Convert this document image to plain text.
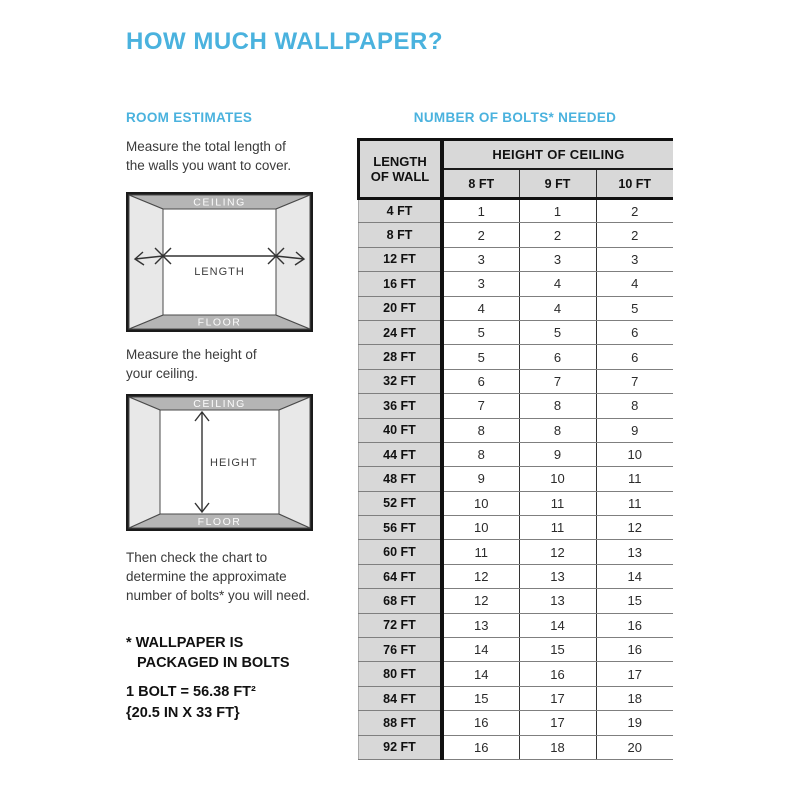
HOW MUCH WALLPAPER?
ROOM ESTIMATES

Measure the total length of
the walls you want to cover.

CEILING
FLOOR
LENGTH

Measure the height of
your ceiling.

CEILING
FLOOR
HEIGHT

Then check the chart to
determine the approximate
number of bolts* you will need.

* WALLPAPER IS
PACKAGED IN BOLTS

1 BOLT = 56.38 FT²
{20.5 IN X 33 FT}

NUMBER OF BOLTS* NEEDED
LENGTH
OF WALL	HEIGHT OF CEILING		
	8 FT	9 FT	10 FT
4 FT	1	1	2
8 FT	2	2	2
12 FT	3	3	3
16 FT	3	4	4
20 FT	4	4	5
24 FT	5	5	6
28 FT	5	6	6
32 FT	6	7	7
36 FT	7	8	8
40 FT	8	8	9
44 FT	8	9	10
48 FT	9	10	11
52 FT	10	11	11
56 FT	10	11	12
60 FT	11	12	13
64 FT	12	13	14
68 FT	12	13	15
72 FT	13	14	16
76 FT	14	15	16
80 FT	14	16	17
84 FT	15	17	18
88 FT	16	17	19
92 FT	16	18	20
